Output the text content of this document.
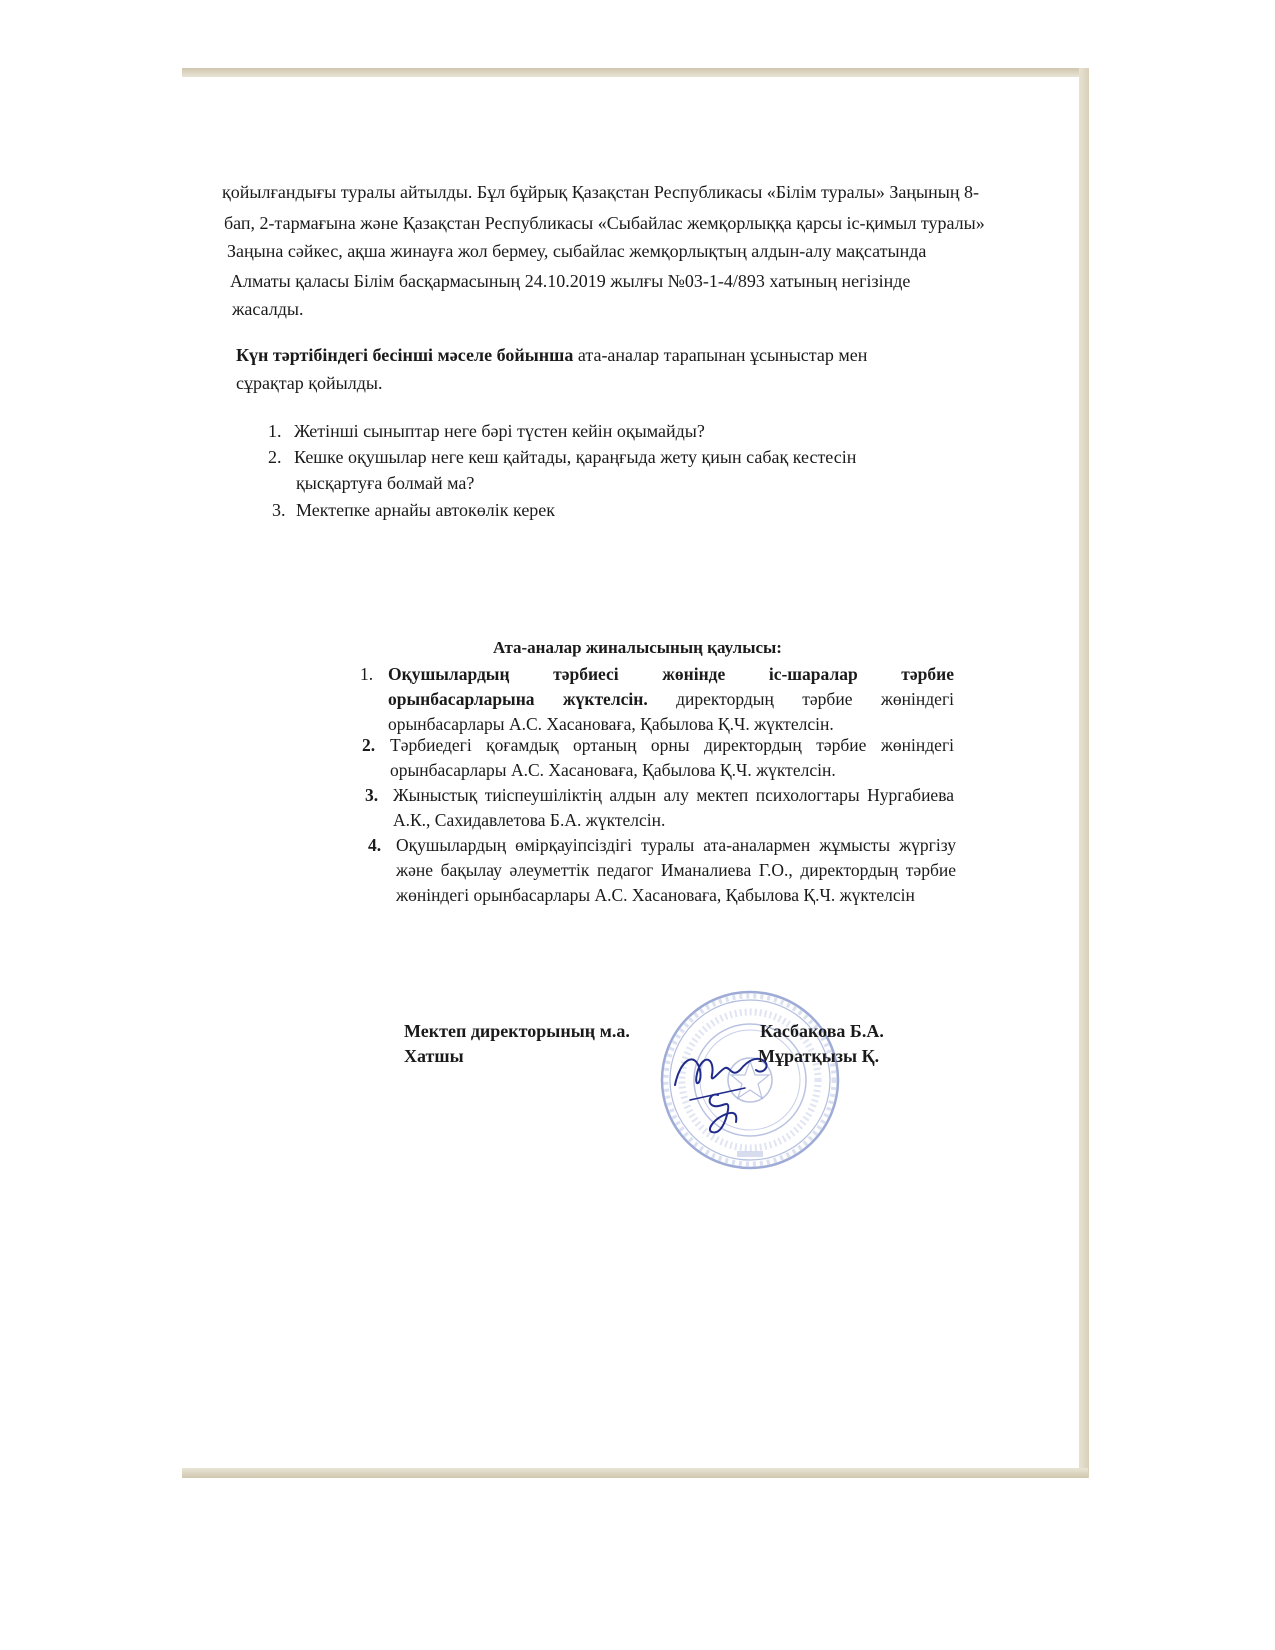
қойылғандығы туралы айтылды. Бұл бұйрық Қазақстан Республикасы «Білім туралы» Заңының 8-
бап, 2-тармағына және Қазақстан Республикасы «Сыбайлас жемқорлыққа қарсы іс-қимыл туралы»
Заңына сәйкес, ақша жинауға жол бермеу, сыбайлас жемқорлықтың алдын-алу мақсатында
Алматы қаласы Білім басқармасының 24.10.2019 жылғы №03-1-4/893 хатының негізінде
жасалды.
Күн тәртібіндегі бесінші мәселе бойынша ата-аналар тарапынан ұсыныстар мен
сұрақтар қойылды.
1. Жетінші сыныптар неге бәрі түстен кейін оқымайды?
2. Кешке оқушылар неге кеш қайтады, қараңғыда жету қиын сабақ кестесін
қысқартуға болмай ма?
3. Мектепке арнайы автокөлік керек
Ата-аналар жиналысының қаулысы:
1. Оқушылардың тәрбиесі жөнінде іс-шаралар тәрбие
орынбасарларына жүктелсін. директордың тәрбие жөніндегі
орынбасарлары А.С. Хасановаға, Қабылова Қ.Ч. жүктелсін.
2. Тәрбиедегі қоғамдық ортаның орны директордың тәрбие жөніндегі
орынбасарлары А.С. Хасановаға, Қабылова Қ.Ч. жүктелсін.
3. Жыныстық тиіспеушіліктің алдын алу мектеп психологтары Нургабиева
А.К., Сахидавлетова Б.А. жүктелсін.
4. Оқушылардың өмірқауіпсіздігі туралы ата-аналармен жұмысты жүргізу
және бақылау әлеуметтік педагог Иманалиева Г.О., директордың тәрбие
жөніндегі орынбасарлары А.С. Хасановаға, Қабылова Қ.Ч. жүктелсін
Мектеп директорының м.а.
Хатшы
Касбакова Б.А.
Мұратқызы Қ.
